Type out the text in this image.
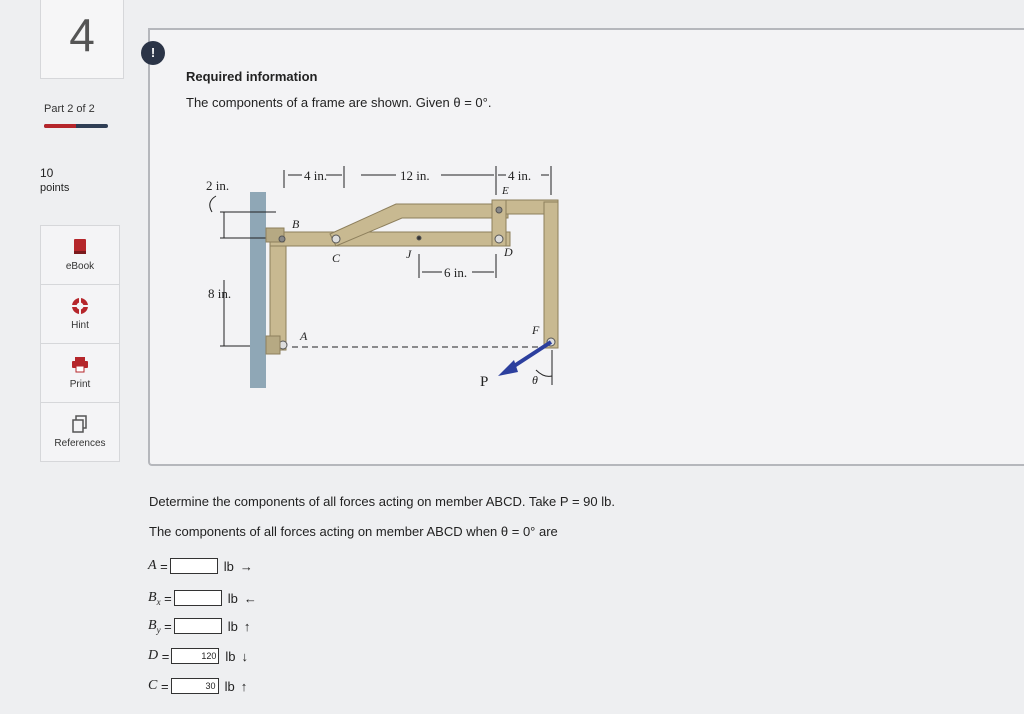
4
Part 2 of 2
10
points
eBook
Hint
Print
References
!
Required information
The components of a frame are shown. Given θ = 0°.
4 in.	12 in.	4 in.
E
2 in.
8 in.
6 in.
B
C	J	D
A	F
θ
P
Determine the components of all forces acting on member ABCD. Take P = 90 lb.
The components of all forces acting on member ABCD when θ = 0° are
A =	lb →
$B_x$ =	lb ←
$B_y$ =	lb ↑
D =	120 lb ↓
C =	30 lb ↑
